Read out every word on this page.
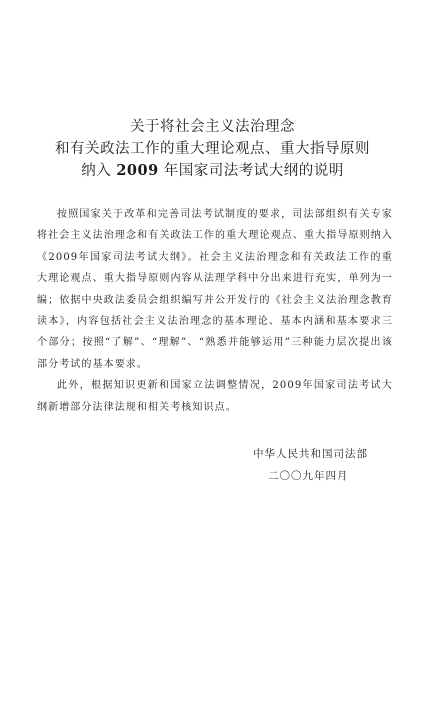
关于将社会主义法治理念
和有关政法工作的重大理论观点、重大指导原则
纳入 2009 年国家司法考试大纲的说明

按照国家关于改革和完善司法考试制度的要求，司法部组织有关专家将社会主义法治理念和有关政法工作的重大理论观点、重大指导原则纳入《2009年国家司法考试大纲》。社会主义法治理念和有关政法工作的重大理论观点、重大指导原则内容从法理学科中分出来进行充实，单列为一编；依据中央政法委员会组织编写并公开发行的《社会主义法治理念教育读本》，内容包括社会主义法治理念的基本理论、基本内涵和基本要求三个部分；按照“了解”、“理解”、“熟悉并能够运用”三种能力层次提出该部分考试的基本要求。

此外，根据知识更新和国家立法调整情况，2009年国家司法考试大纲新增部分法律法规和相关考核知识点。

中华人民共和国司法部
二〇〇九年四月
